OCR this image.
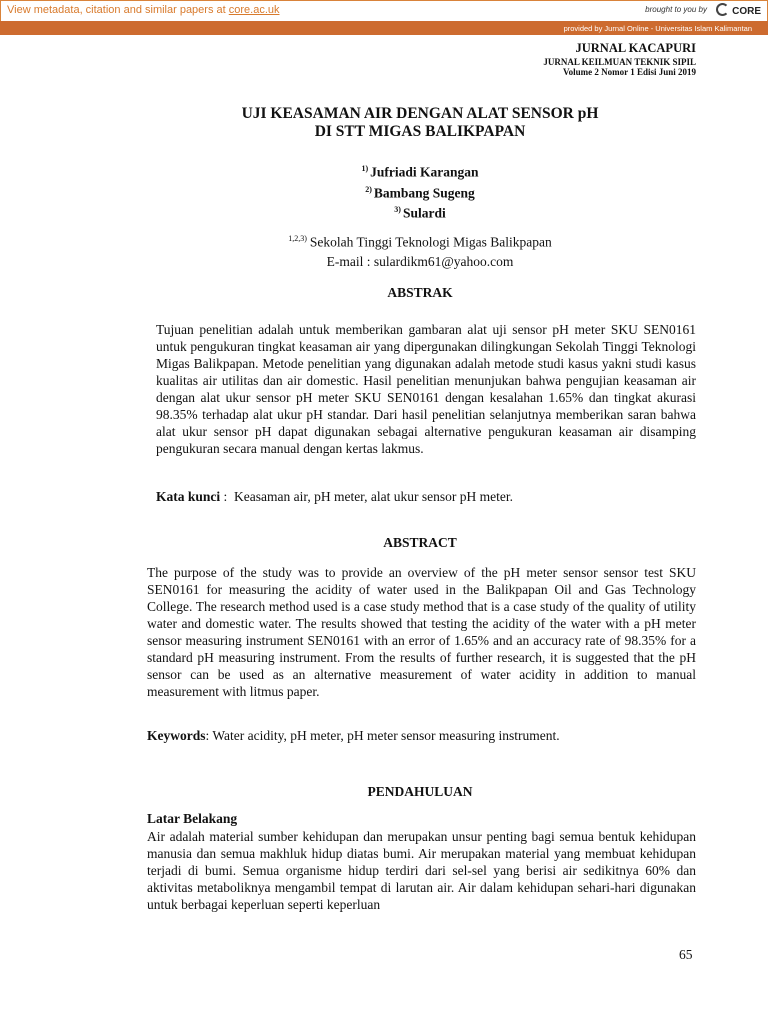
View metadata, citation and similar papers at core.ac.uk	brought to you by	CORE
provided by Jurnal Online - Universitas Islam Kalimantan
JURNAL KACAPURI
JURNAL KEILMUAN TEKNIK SIPIL
Volume 2 Nomor 1 Edisi Juni 2019
UJI KEASAMAN AIR DENGAN ALAT SENSOR pH
DI STT MIGAS BALIKPAPAN
$^{1)}$ Jufriadi Karangan
$^{2)}$ Bambang Sugeng
$^{3)}$ Sulardi
$^{1,2,3)}$ Sekolah Tinggi Teknologi Migas Balikpapan
E-mail : sulardikm61@yahoo.com
ABSTRAK
Tujuan penelitian adalah untuk memberikan gambaran alat uji sensor pH meter SKU SEN0161 untuk pengukuran tingkat keasaman air yang dipergunakan dilingkungan Sekolah Tinggi Teknologi Migas Balikpapan. Metode penelitian yang digunakan adalah metode studi kasus yakni studi kasus kualitas air utilitas dan air domestic. Hasil penelitian menunjukan bahwa pengujian keasaman air dengan alat ukur sensor pH meter SKU SEN0161 dengan kesalahan 1.65% dan tingkat akurasi 98.35% terhadap alat ukur pH standar. Dari hasil penelitian selanjutnya memberikan saran bahwa alat ukur sensor pH dapat digunakan sebagai alternative pengukuran keasaman air disamping pengukuran secara manual dengan kertas lakmus.
Kata kunci :  Keasaman air, pH meter, alat ukur sensor pH meter.
ABSTRACT
The purpose of the study was to provide an overview of the pH meter sensor sensor test SKU SEN0161 for measuring the acidity of water used in the Balikpapan Oil and Gas Technology College. The research method used is a case study method that is a case study of the quality of utility water and domestic water. The results showed that testing the acidity of the water with a pH meter sensor measuring instrument SEN0161 with an error of 1.65% and an accuracy rate of 98.35% for a standard pH measuring instrument. From the results of further research, it is suggested that the pH sensor can be used as an alternative measurement of water acidity in addition to manual measurement with litmus paper.
Keywords: Water acidity, pH meter, pH meter sensor measuring instrument.
PENDAHULUAN
Latar Belakang
Air adalah material sumber kehidupan dan merupakan unsur penting bagi semua bentuk kehidupan manusia dan semua makhluk hidup diatas bumi. Air merupakan material yang membuat kehidupan terjadi di bumi. Semua organisme hidup terdiri dari sel-sel yang berisi air sedikitnya 60% dan aktivitas metaboliknya mengambil tempat di larutan air. Air dalam kehidupan sehari-hari digunakan untuk berbagai keperluan seperti keperluan
65
